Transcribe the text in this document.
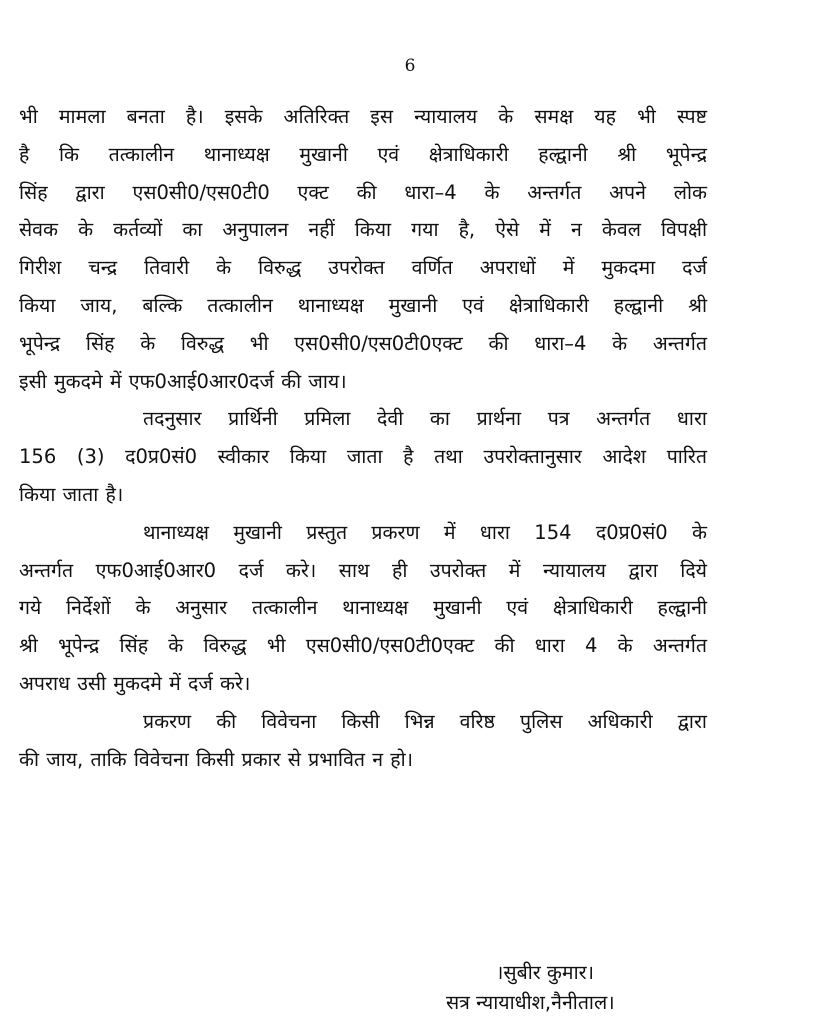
6

भी मामला बनता है। इसके अतिरिक्त इस न्यायालय के समक्ष यह भी स्पष्ट
है कि तत्कालीन थानाध्यक्ष मुखानी एवं क्षेत्राधिकारी हल्द्वानी श्री भूपेन्द्र
सिंह द्वारा एस0सी0/एस0टी0 एक्ट की धारा–4 के अन्तर्गत अपने लोक
सेवक के कर्तव्यों का अनुपालन नहीं किया गया है, ऐसे में न केवल विपक्षी
गिरीश चन्द्र तिवारी के विरुद्ध उपरोक्त वर्णित अपराधों में मुकदमा दर्ज
किया जाय, बल्कि तत्कालीन थानाध्यक्ष मुखानी एवं क्षेत्राधिकारी हल्द्वानी श्री
भूपेन्द्र सिंह के विरुद्ध भी एस0सी0/एस0टी0एक्ट की धारा–4 के अन्तर्गत
इसी मुकदमे में एफ0आई0आर0दर्ज की जाय।

तदनुसार प्रार्थिनी प्रमिला देवी का प्रार्थना पत्र अन्तर्गत धारा
156 (3) द0प्र0सं0 स्वीकार किया जाता है तथा उपरोक्तानुसार आदेश पारित
किया जाता है।

थानाध्यक्ष मुखानी प्रस्तुत प्रकरण में धारा 154 द0प्र0सं0 के
अन्तर्गत एफ0आई0आर0 दर्ज करे। साथ ही उपरोक्त में न्यायालय द्वारा दिये
गये निर्देशों के अनुसार तत्कालीन थानाध्यक्ष मुखानी एवं क्षेत्राधिकारी हल्द्वानी
श्री भूपेन्द्र सिंह के विरुद्ध भी एस0सी0/एस0टी0एक्ट की धारा 4 के अन्तर्गत
अपराध उसी मुकदमे में दर्ज करे।

प्रकरण की विवेचना किसी भिन्न वरिष्ठ पुलिस अधिकारी द्वारा
की जाय, ताकि विवेचना किसी प्रकार से प्रभावित न हो।

।सुबीर कुमार।
सत्र न्यायाधीश,नैनीताल।
